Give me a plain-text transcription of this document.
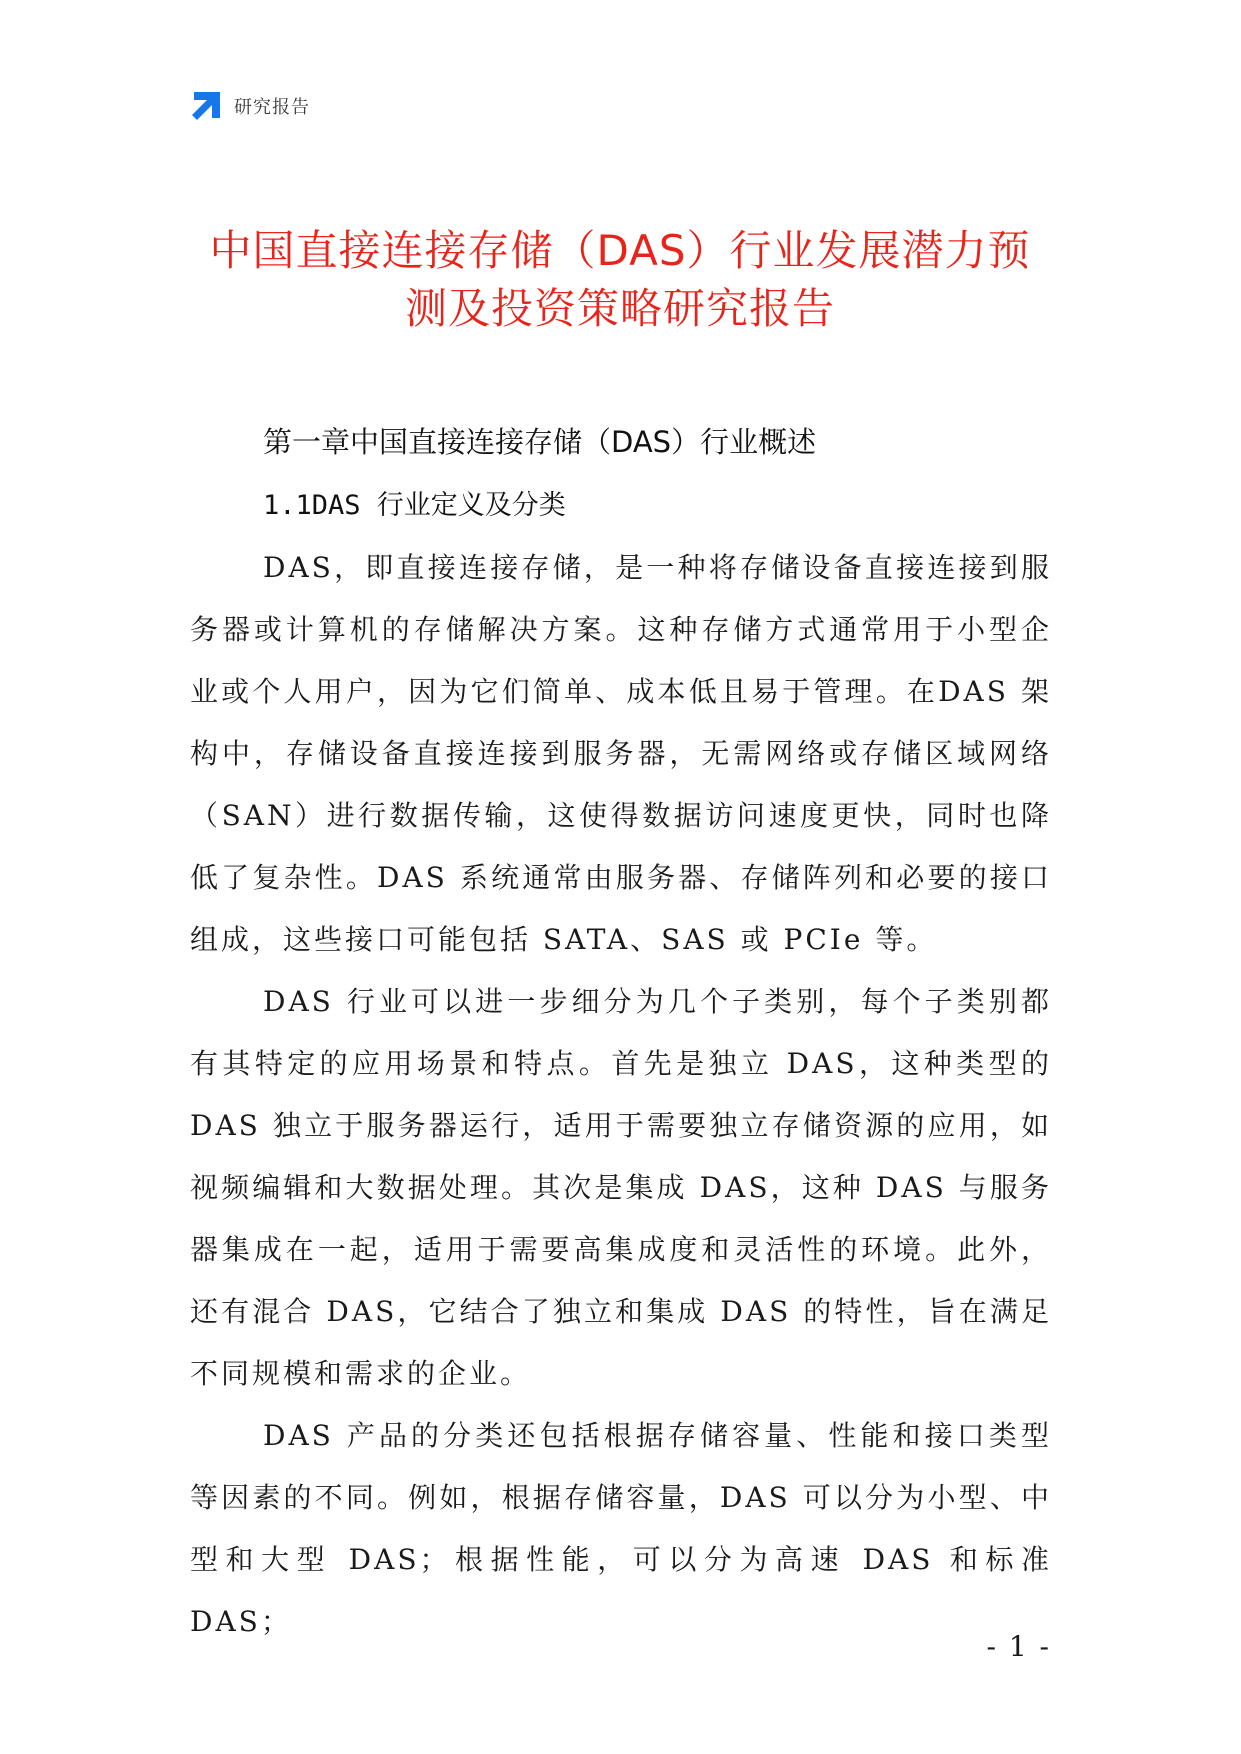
研究报告
中国直接连接存储（DAS）行业发展潜力预
测及投资策略研究报告
第一章中国直接连接存储（DAS）行业概述
1.1DAS 行业定义及分类

DAS，即直接连接存储，是一种将存储设备直接连接到服务器或计算机的存储解决方案。这种存储方式通常用于小型企业或个人用户，因为它们简单、成本低且易于管理。在DAS 架构中，存储设备直接连接到服务器，无需网络或存储区域网络（SAN）进行数据传输，这使得数据访问速度更快，同时也降低了复杂性。DAS 系统通常由服务器、存储阵列和必要的接口组成，这些接口可能包括 SATA、SAS 或 PCIe 等。

DAS 行业可以进一步细分为几个子类别，每个子类别都有其特定的应用场景和特点。首先是独立 DAS，这种类型的DAS 独立于服务器运行，适用于需要独立存储资源的应用，如视频编辑和大数据处理。其次是集成 DAS，这种 DAS 与服务器集成在一起，适用于需要高集成度和灵活性的环境。此外，还有混合 DAS，它结合了独立和集成 DAS 的特性，旨在满足不同规模和需求的企业。

DAS 产品的分类还包括根据存储容量、性能和接口类型等因素的不同。例如，根据存储容量，DAS 可以分为小型、中型和大型 DAS；根据性能，可以分为高速 DAS 和标准 DAS；

- 1 -
